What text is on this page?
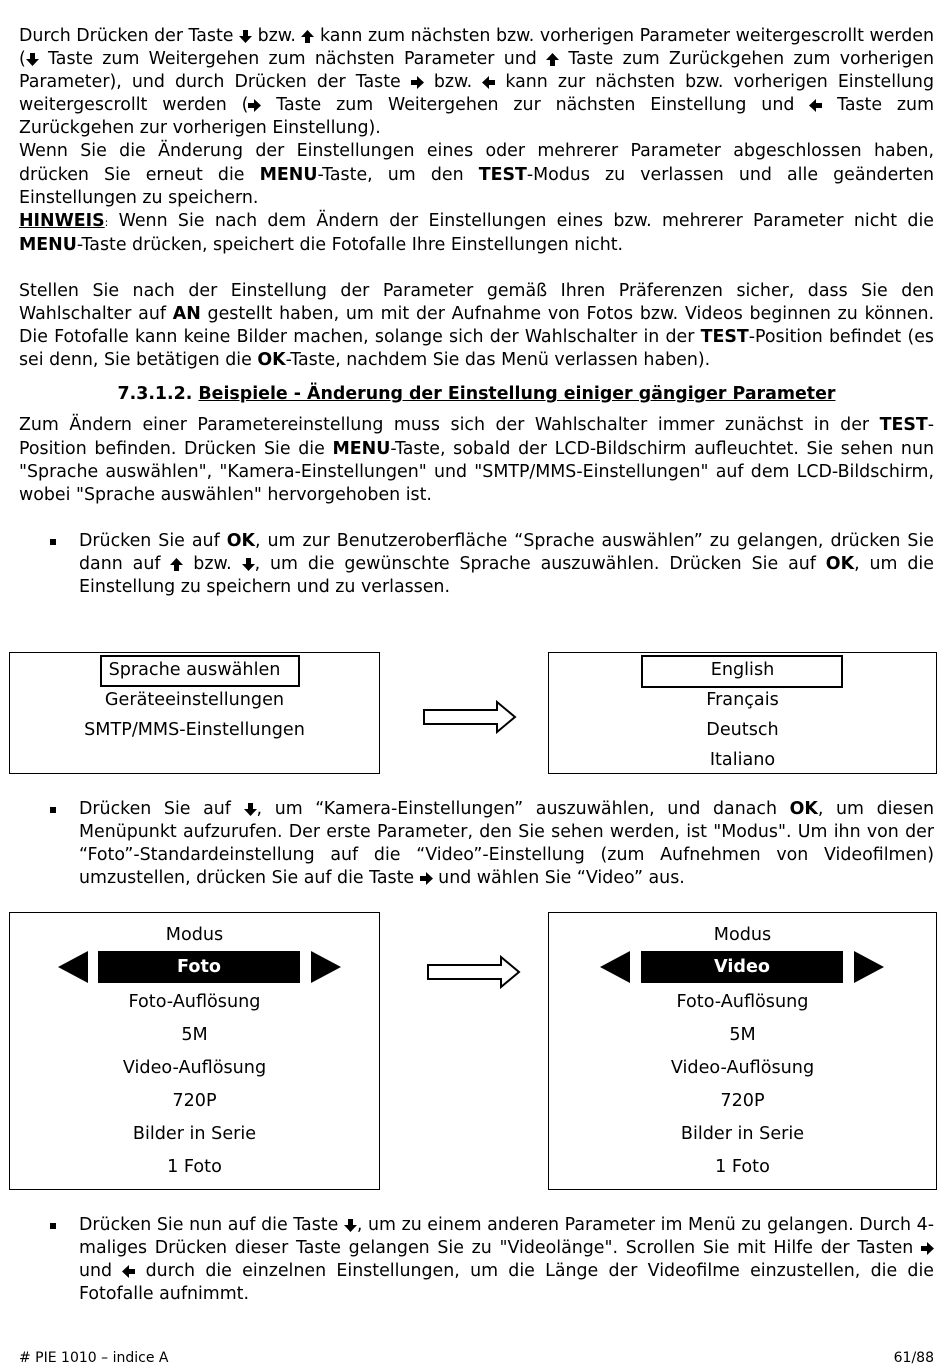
Durch Drücken der Taste
bzw.
kann zum nächsten bzw. vorherigen Parameter weitergescrollt werden (
Taste zum Weitergehen zum nächsten Parameter und
Taste zum Zurückgehen zum vorherigen Parameter), und durch Drücken der Taste
bzw.
kann zur nächsten bzw. vorherigen Einstellung weitergescrollt werden (
Taste zum Weitergehen zur nächsten Einstellung und
Taste zum Zurückgehen zur vorherigen Einstellung).

Wenn Sie die Änderung der Einstellungen eines oder mehrerer Parameter abgeschlossen haben, drücken Sie erneut die MENU-Taste, um den TEST-Modus zu verlassen und alle geänderten Einstellungen zu speichern.

HINWEIS: Wenn Sie nach dem Ändern der Einstellungen eines bzw. mehrerer Parameter nicht die MENU-Taste drücken, speichert die Fotofalle Ihre Einstellungen nicht.

Stellen Sie nach der Einstellung der Parameter gemäß Ihren Präferenzen sicher, dass Sie den Wahlschalter auf AN gestellt haben, um mit der Aufnahme von Fotos bzw. Videos beginnen zu können. Die Fotofalle kann keine Bilder machen, solange sich der Wahlschalter in der TEST-Position befindet (es sei denn, Sie betätigen die OK-Taste, nachdem Sie das Menü verlassen haben).

7.3.1.2. Beispiele - Änderung der Einstellung einiger gängiger Parameter

Zum Ändern einer Parametereinstellung muss sich der Wahlschalter immer zunächst in der TEST-Position befinden. Drücken Sie die MENU-Taste, sobald der LCD-Bildschirm aufleuchtet. Sie sehen nun "Sprache auswählen", "Kamera-Einstellungen" und "SMTP/MMS-Einstellungen" auf dem LCD-Bildschirm, wobei "Sprache auswählen" hervorgehoben ist.

Drücken Sie auf OK, um zur Benutzeroberfläche “Sprache auswählen” zu gelangen, drücken Sie dann auf
bzw.
, um die gewünschte Sprache auszuwählen. Drücken Sie auf OK, um die Einstellung zu speichern und zu verlassen.
Sprache auswählen
Geräteeinstellungen
SMTP/MMS-Einstellungen
English
Français
Deutsch
Italiano
Drücken Sie auf
, um “Kamera-Einstellungen” auszuwählen, und danach OK, um diesen Menüpunkt aufzurufen. Der erste Parameter, den Sie sehen werden, ist "Modus". Um ihn von der “Foto”-Standardeinstellung auf die “Video”-Einstellung (zum Aufnehmen von Videofilmen) umzustellen, drücken Sie auf die Taste
und wählen Sie “Video” aus.
Modus
Foto
Foto-Auflösung
5M
Video-Auflösung
720P
Bilder in Serie
1 Foto
Modus
Video
Foto-Auflösung
5M
Video-Auflösung
720P
Bilder in Serie
1 Foto
Drücken Sie nun auf die Taste
, um zu einem anderen Parameter im Menü zu gelangen. Durch 4-maliges Drücken dieser Taste gelangen Sie zu "Videolänge". Scrollen Sie mit Hilfe der Tasten
und
durch die einzelnen Einstellungen, um die Länge der Videofilme einzustellen, die die Fotofalle aufnimmt.
# PIE 1010 – indice A	61/88
